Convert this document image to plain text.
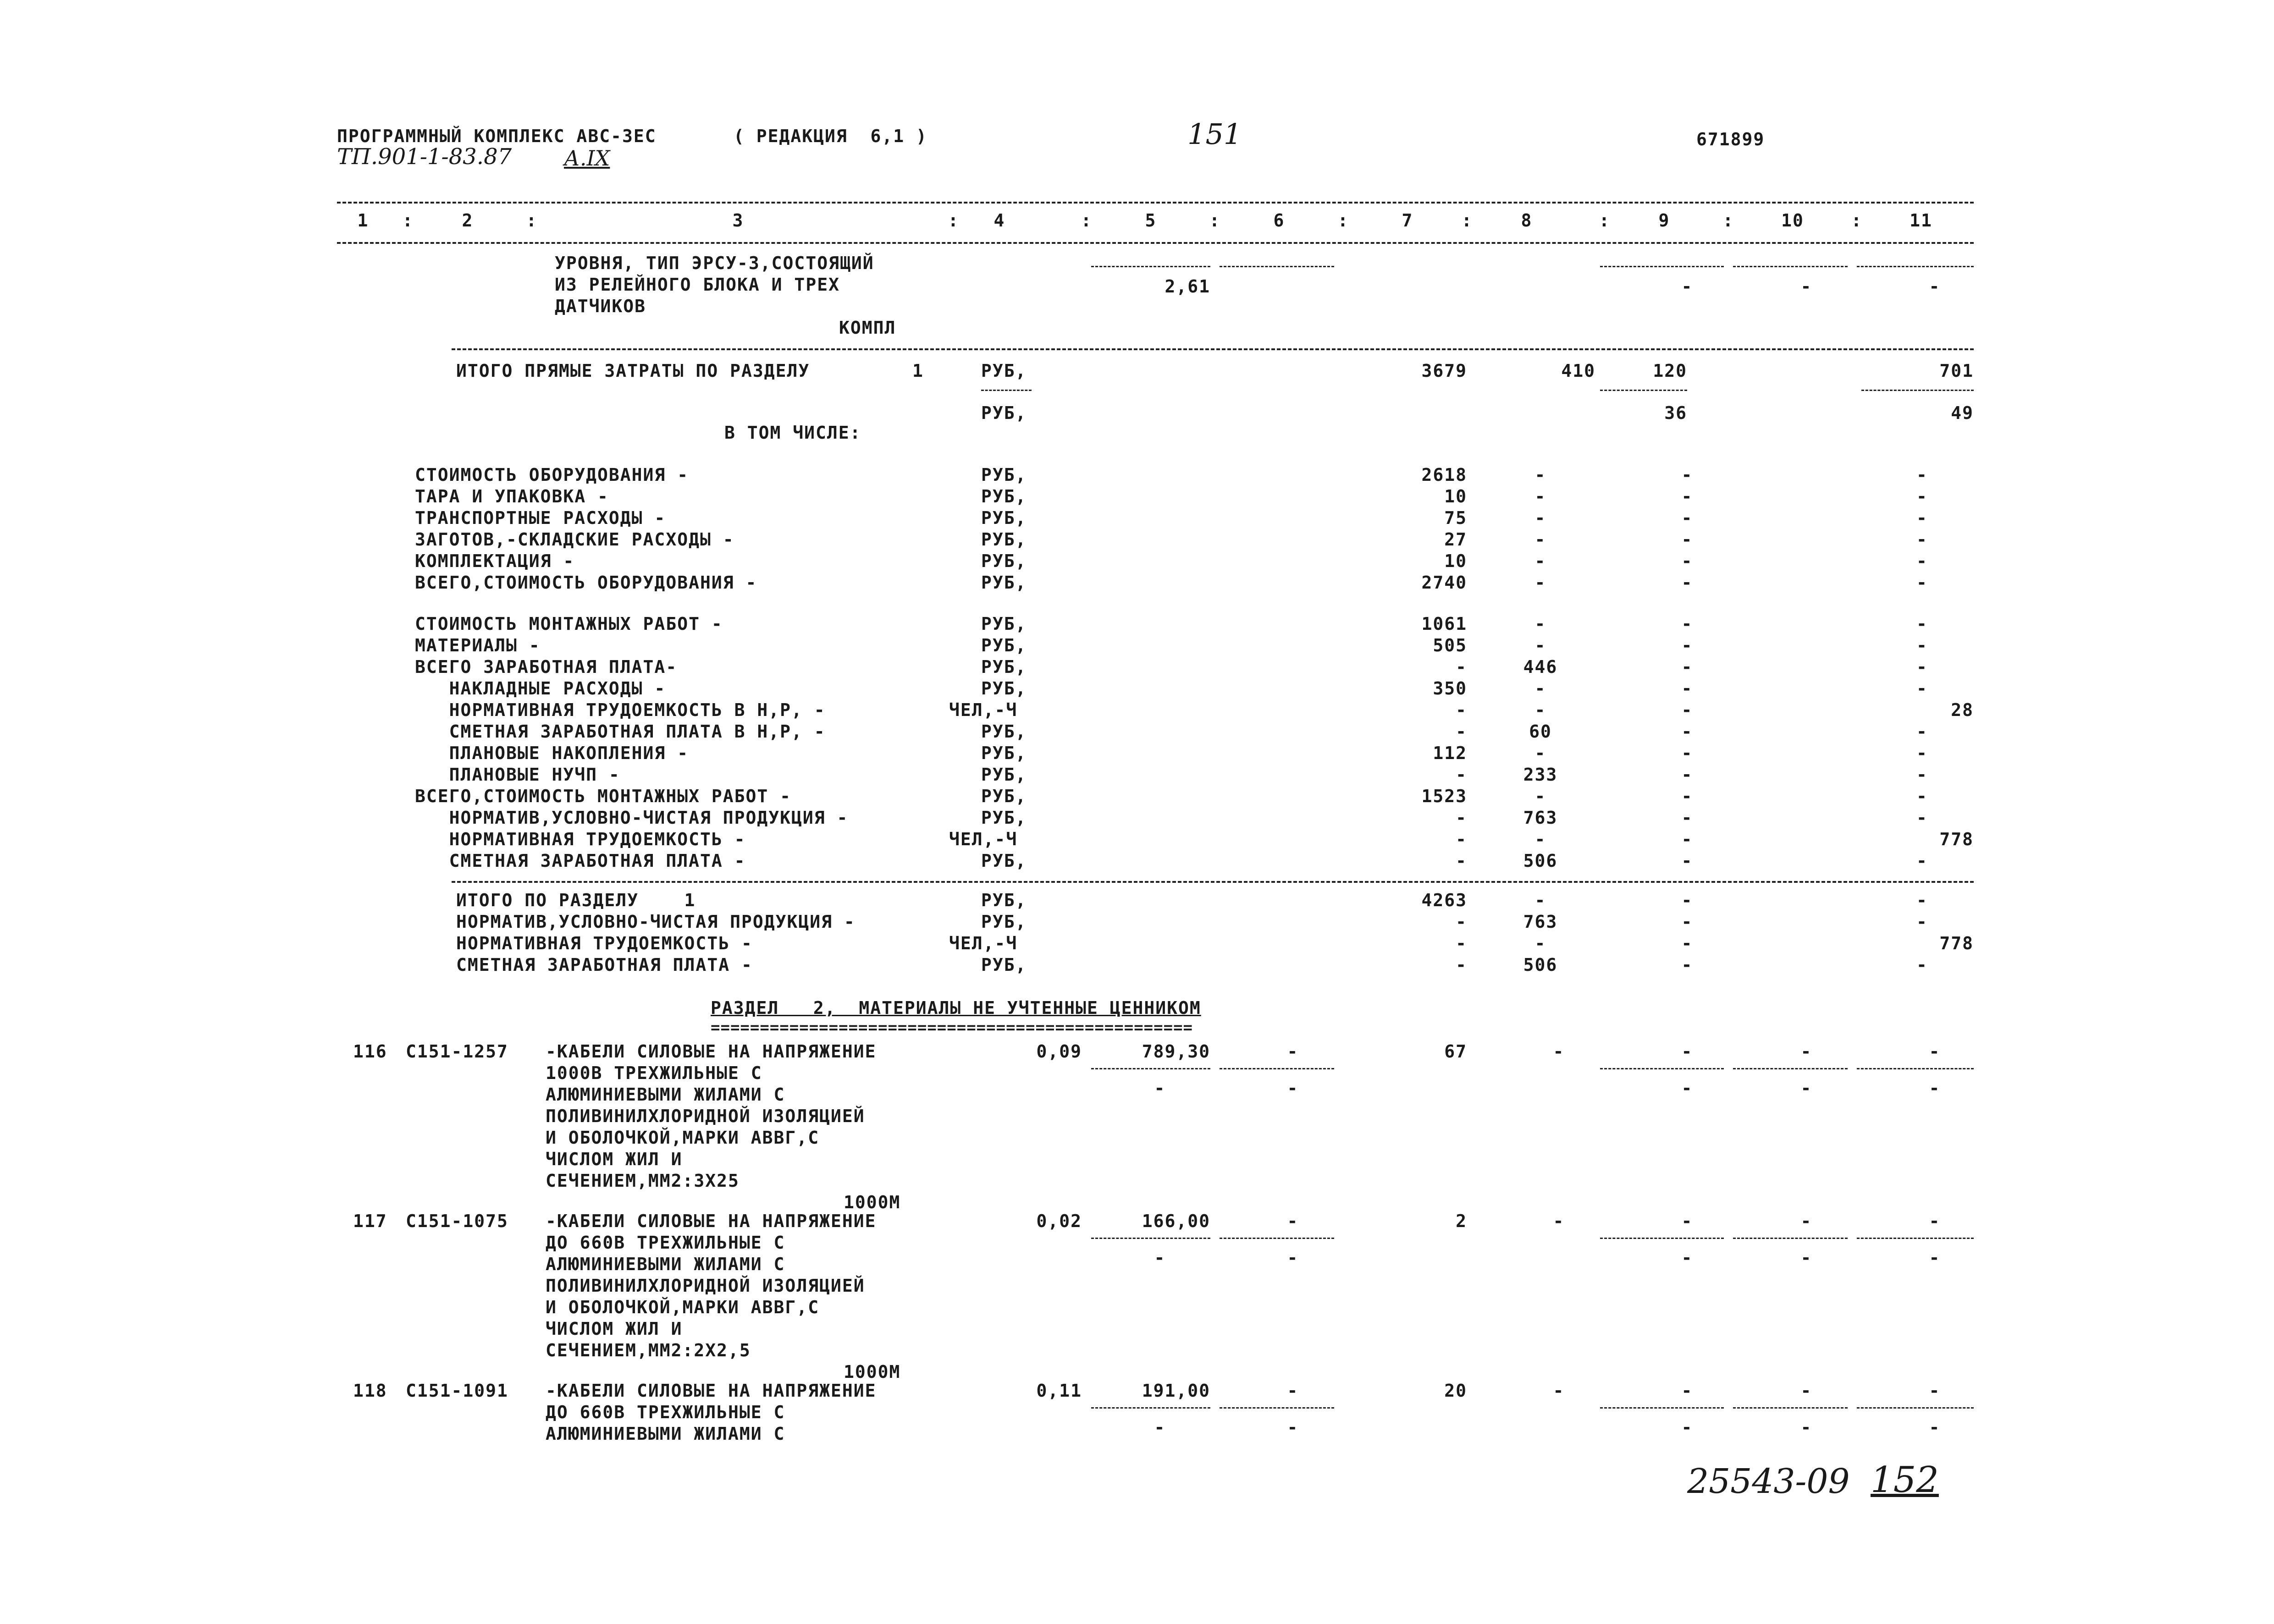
ПРОГРАММНЫЙ КОМПЛЕКС АВС-3ЕС	( РЕДАКЦИЯ  6,1 )	151	671899
ТП.901-1-83.87 А.IX
1	:	2	:	3	:	4	:	5	:	6	:	7	:	8	:	9	:	10	:	11
УРОВНЯ, ТИП ЭРСУ-3,СОСТОЯЩИЙ
ИЗ РЕЛЕЙНОГО БЛОКА И ТРЕХ
ДАТЧИКОВ
КОМПЛ
2,61	-	-	-
ИТОГО ПРЯМЫЕ ЗАТРАТЫ ПО РАЗДЕЛУ	1	РУБ,	3679	410	120	701
РУБ,	36	49
В ТОМ ЧИСЛЕ:
СТОИМОСТЬ ОБОРУДОВАНИЯ -	РУБ,	2618	-	-	-
ТАРА И УПАКОВКА -	РУБ,	10	-	-	-
ТРАНСПОРТНЫЕ РАСХОДЫ -	РУБ,	75	-	-	-
ЗАГОТОВ,-СКЛАДСКИЕ РАСХОДЫ -	РУБ,	27	-	-	-
КОМПЛЕКТАЦИЯ -	РУБ,	10	-	-	-
ВСЕГО,СТОИМОСТЬ ОБОРУДОВАНИЯ -	РУБ,	2740	-	-	-
СТОИМОСТЬ МОНТАЖНЫХ РАБОТ -	РУБ,	1061	-	-	-
МАТЕРИАЛЫ -	РУБ,	505	-	-	-
ВСЕГО ЗАРАБОТНАЯ ПЛАТА-	РУБ,	-	446	-	-
НАКЛАДНЫЕ РАСХОДЫ -	РУБ,	350	-	-	-
НОРМАТИВНАЯ ТРУДОЕМКОСТЬ В Н,Р, -	ЧЕЛ,-Ч	-	-	-	28
СМЕТНАЯ ЗАРАБОТНАЯ ПЛАТА В Н,Р, -	РУБ,	-	60	-	-
ПЛАНОВЫЕ НАКОПЛЕНИЯ -	РУБ,	112	-	-	-
ПЛАНОВЫЕ НУЧП -	РУБ,	-	233	-	-
ВСЕГО,СТОИМОСТЬ МОНТАЖНЫХ РАБОТ -	РУБ,	1523	-	-	-
НОРМАТИВ,УСЛОВНО-ЧИСТАЯ ПРОДУКЦИЯ -	РУБ,	-	763	-	-
НОРМАТИВНАЯ ТРУДОЕМКОСТЬ -	ЧЕЛ,-Ч	-	-	-	778
СМЕТНАЯ ЗАРАБОТНАЯ ПЛАТА -	РУБ,	-	506	-	-
ИТОГО ПО РАЗДЕЛУ    1	РУБ,	4263	-	-	-
НОРМАТИВ,УСЛОВНО-ЧИСТАЯ ПРОДУКЦИЯ -	РУБ,	-	763	-	-
НОРМАТИВНАЯ ТРУДОЕМКОСТЬ -	ЧЕЛ,-Ч	-	-	-	778
СМЕТНАЯ ЗАРАБОТНАЯ ПЛАТА -	РУБ,	-	506	-	-
РАЗДЕЛ   2,  МАТЕРИАЛЫ НЕ УЧТЕННЫЕ ЦЕННИКОМ
=================================================
116 С151-1257 -КАБЕЛИ СИЛОВЫЕ НА НАПРЯЖЕНИЕ
1000В ТРЕХЖИЛЬНЫЕ С
АЛЮМИНИЕВЫМИ ЖИЛАМИ С
ПОЛИВИНИЛХЛОРИДНОЙ ИЗОЛЯЦИЕЙ
И ОБОЛОЧКОЙ,МАРКИ АВВГ,С
ЧИСЛОМ ЖИЛ И
СЕЧЕНИЕМ,ММ2:3Х25
1000М
0,09	789,30	-	67	-	-	-	-
-	-	-	-	-
117 С151-1075 -КАБЕЛИ СИЛОВЫЕ НА НАПРЯЖЕНИЕ
ДО 660В ТРЕХЖИЛЬНЫЕ С
АЛЮМИНИЕВЫМИ ЖИЛАМИ С
ПОЛИВИНИЛХЛОРИДНОЙ ИЗОЛЯЦИЕЙ
И ОБОЛОЧКОЙ,МАРКИ АВВГ,С
ЧИСЛОМ ЖИЛ И
СЕЧЕНИЕМ,ММ2:2Х2,5
1000М
0,02	166,00	-	2	-	-	-	-
-	-	-	-	-
118 С151-1091 -КАБЕЛИ СИЛОВЫЕ НА НАПРЯЖЕНИЕ
ДО 660В ТРЕХЖИЛЬНЫЕ С
АЛЮМИНИЕВЫМИ ЖИЛАМИ С
0,11	191,00	-	20	-	-	-	-
-	-	-	-	-
25543-09 152
